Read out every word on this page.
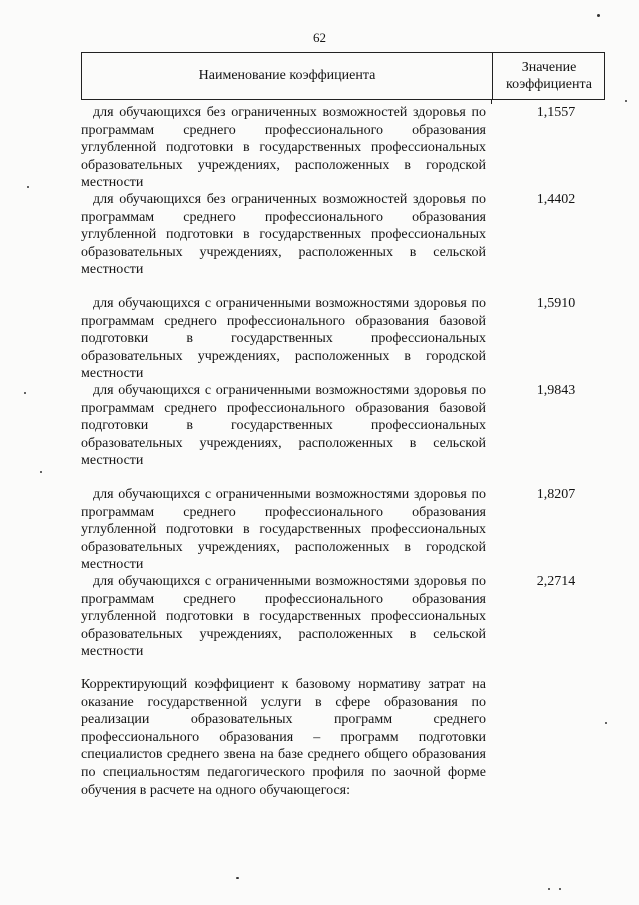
62
Наименование коэффициента
Значение
коэффициента
для обучающихся без ограниченных возможностей здоровья по программам среднего профессионального образования углубленной подготовки в государственных профессиональных образовательных учреждениях, расположенных в городской местности
1,1557
для обучающихся без ограниченных возможностей здоровья по программам среднего профессионального образования углубленной подготовки в государственных профессиональных образовательных учреждениях, расположенных в сельской местности
1,4402
для обучающихся с ограниченными возможностями здоровья по программам среднего профессионального образования базовой подготовки в государственных профессиональных образовательных учреждениях, расположенных в городской местности
1,5910
для обучающихся с ограниченными возможностями здоровья по программам среднего профессионального образования базовой подготовки в государственных профессиональных образовательных учреждениях, расположенных в сельской местности
1,9843
для обучающихся с ограниченными возможностями здоровья по программам среднего профессионального образования углубленной подготовки в государственных профессиональных образовательных учреждениях, расположенных в городской местности
1,8207
для обучающихся с ограниченными возможностями здоровья по программам среднего профессионального образования углубленной подготовки в государственных профессиональных образовательных учреждениях, расположенных в сельской местности
2,2714
Корректирующий коэффициент к базовому нормативу затрат на оказание государственной услуги в сфере образования по реализации образовательных программ среднего профессионального образования – программ подготовки специалистов среднего звена на базе среднего общего образования по специальностям педагогического профиля по заочной форме обучения в расчете на одного обучающегося:
